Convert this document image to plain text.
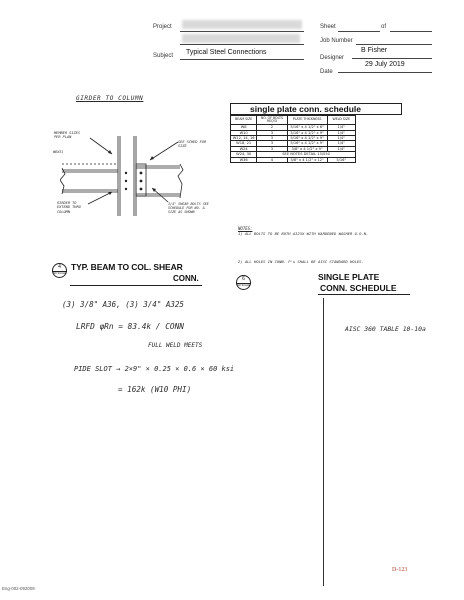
Project
Subject Typical Steel Connections
Sheet	of
Job Number
Designer
B Fisher
Date
29 July 2019
GIRDER TO COLUMN
MEMBER SIZES PER PLAN
SEE SCHED FOR SIZE
W8X31
GIRDER TO EXTEND THRU COLUMN
3/4" SHEAR BOLTS SEE SCHEDULE FOR NO. & SIZE AS SHOWN
4
NO SCALE
TYP. BEAM TO COL. SHEAR
CONN.
single plate conn. schedule
BEAM SIZE	NO. OF BOLTS REQ'D	PLATE THICKNESS	WELD SIZE	
W8	2	5/16" x 4 1/2" x 6"	1/4"	
W10	3	5/16" x 4 1/2" x 9"	1/4"	
W12, 14, 16	3	5/16" x 4 1/2" x 9"	1/4"	
W18, 21	3	5/16" x 4 1/2" x 9"	1/4"	
W24	3	3/8" x 4 1/2" x 9"	1/4"	
W24, 30	SEE NOTES DETAIL 13/S50			
W36	4	3/8" x 4 1/2" x 12"	5/16"	
NOTES:
1) ALL BOLTS TO BE BOTH A325X WITH HARDENED WASHER U.O.N.
2) ALL HOLES IN CONN. P's SHALL BE AISC STANDARD HOLES.
6
NO SCALE
SINGLE PLATE
CONN. SCHEDULE
(3) 3/8" A36, (3) 3/4" A325
LRFD φRn = 83.4k / CONN
FULL WELD MEETS
PIDE SLOT → 2×9" × 0.25 × 0.6 × 60 ksi
= 162k (W10 PHI)
AISC 360 TABLE 10-10a
D-123
Eng-002-092009
